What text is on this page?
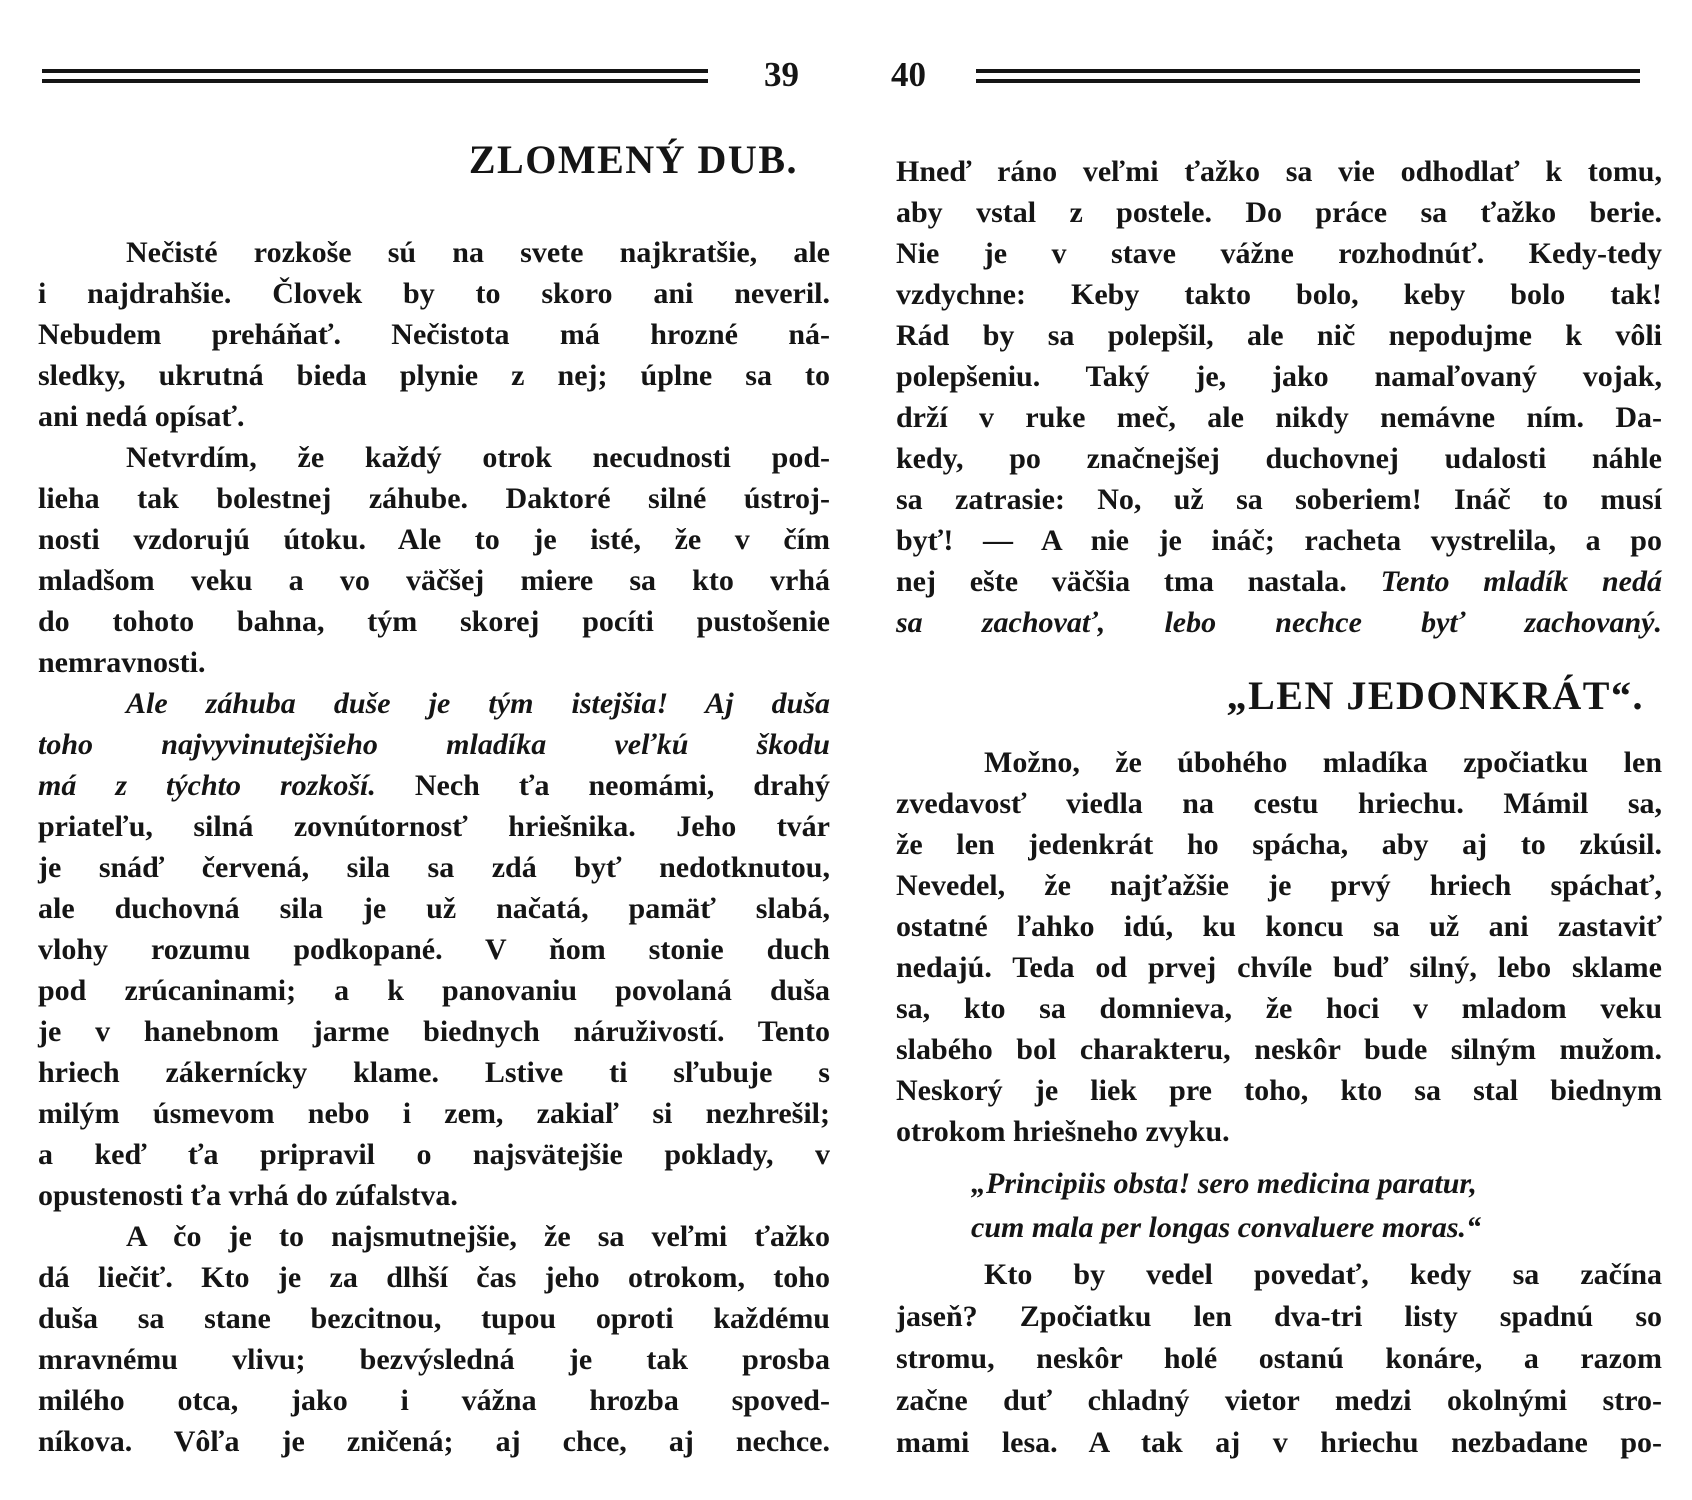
39	40
ZLOMENÝ DUB.
Nečisté rozkoše sú na svete najkratšie, ale
i najdrahšie. Človek by to skoro ani neveril.
Nebudem preháňať. Nečistota má hrozné ná-
sledky, ukrutná bieda plynie z nej; úplne sa to
ani nedá opísať.
Netvrdím, že každý otrok necudnosti pod-
lieha tak bolestnej záhube. Daktoré silné ústroj-
nosti vzdorujú útoku. Ale to je isté, že v čím
mladšom veku a vo väčšej miere sa kto vrhá
do tohoto bahna, tým skorej pocíti pustošenie
nemravnosti.
Ale záhuba duše je tým istejšia! Aj duša
toho najvyvinutejšieho mladíka veľkú škodu
má z týchto rozkoší. Nech ťa neomámi, drahý
priateľu, silná zovnútornosť hriešnika. Jeho tvár
je snáď červená, sila sa zdá byť nedotknutou,
ale duchovná sila je už načatá, pamäť slabá,
vlohy rozumu podkopané. V ňom stonie duch
pod zrúcaninami; a k panovaniu povolaná duša
je v hanebnom jarme biednych náruživostí. Tento
hriech zákernícky klame. Lstive ti sľubuje s
milým úsmevom nebo i zem, zakiaľ si nezhrešil;
a keď ťa pripravil o najsvätejšie poklady, v
opustenosti ťa vrhá do zúfalstva.
A čo je to najsmutnejšie, že sa veľmi ťažko
dá liečiť. Kto je za dlhší čas jeho otrokom, toho
duša sa stane bezcitnou, tupou oproti každému
mravnému vlivu; bezvýsledná je tak prosba
milého otca, jako i vážna hrozba spoved-
níkova. Vôľa je zničená; aj chce, aj nechce.
Hneď ráno veľmi ťažko sa vie odhodlať k tomu,
aby vstal z postele. Do práce sa ťažko berie.
Nie je v stave vážne rozhodnúť. Kedy-tedy
vzdychne: Keby takto bolo, keby bolo tak!
Rád by sa polepšil, ale nič nepodujme k vôli
polepšeniu. Taký je, jako namaľovaný vojak,
drží v ruke meč, ale nikdy nemávne ním. Da-
kedy, po značnejšej duchovnej udalosti náhle
sa zatrasie: No, už sa soberiem! Ináč to musí
byť! — A nie je ináč; racheta vystrelila, a po
nej ešte väčšia tma nastala. Tento mladík nedá
sa zachovať, lebo nechce byť zachovaný.
„LEN JEDONKRÁT“.
Možno, že úbohého mladíka zpočiatku len
zvedavosť viedla na cestu hriechu. Mámil sa,
že len jedenkrát ho spácha, aby aj to zkúsil.
Nevedel, že najťažšie je prvý hriech spáchať,
ostatné ľahko idú, ku koncu sa už ani zastaviť
nedajú. Teda od prvej chvíle buď silný, lebo sklame
sa, kto sa domnieva, že hoci v mladom veku
slabého bol charakteru, neskôr bude silným mužom.
Neskorý je liek pre toho, kto sa stal biednym
otrokom hriešneho zvyku.
„Principiis obsta! sero medicina paratur,
cum mala per longas convaluere moras.“
Kto by vedel povedať, kedy sa začína
jaseň? Zpočiatku len dva-tri listy spadnú so
stromu, neskôr holé ostanú konáre, a razom
začne duť chladný vietor medzi okolnými stro-
mami lesa. A tak aj v hriechu nezbadane po-
